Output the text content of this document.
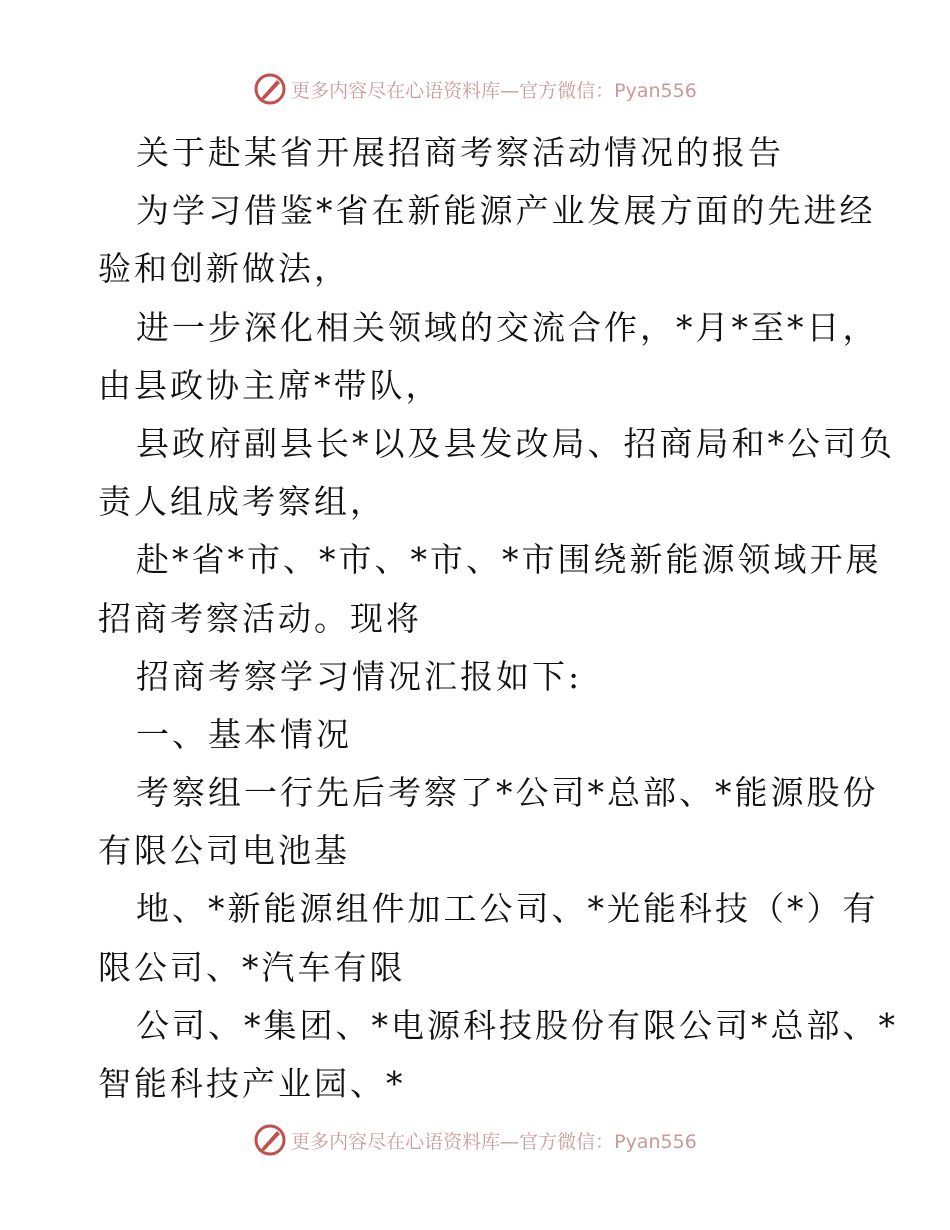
更多内容尽在心语资料库—官方微信：Pyan556
关于赴某省开展招商考察活动情况的报告
为学习借鉴*省在新能源产业发展方面的先进经
验和创新做法，
进一步深化相关领域的交流合作，*月*至*日，
由县政协主席*带队，
县政府副县长*以及县发改局、招商局和*公司负
责人组成考察组，
赴*省*市、*市、*市、*市围绕新能源领域开展
招商考察活动。现将
招商考察学习情况汇报如下:
一、基本情况
考察组一行先后考察了*公司*总部、*能源股份
有限公司电池基
地、*新能源组件加工公司、*光能科技（*）有
限公司、*汽车有限
公司、*集团、*电源科技股份有限公司*总部、*
智能科技产业园、*
更多内容尽在心语资料库—官方微信：Pyan556
